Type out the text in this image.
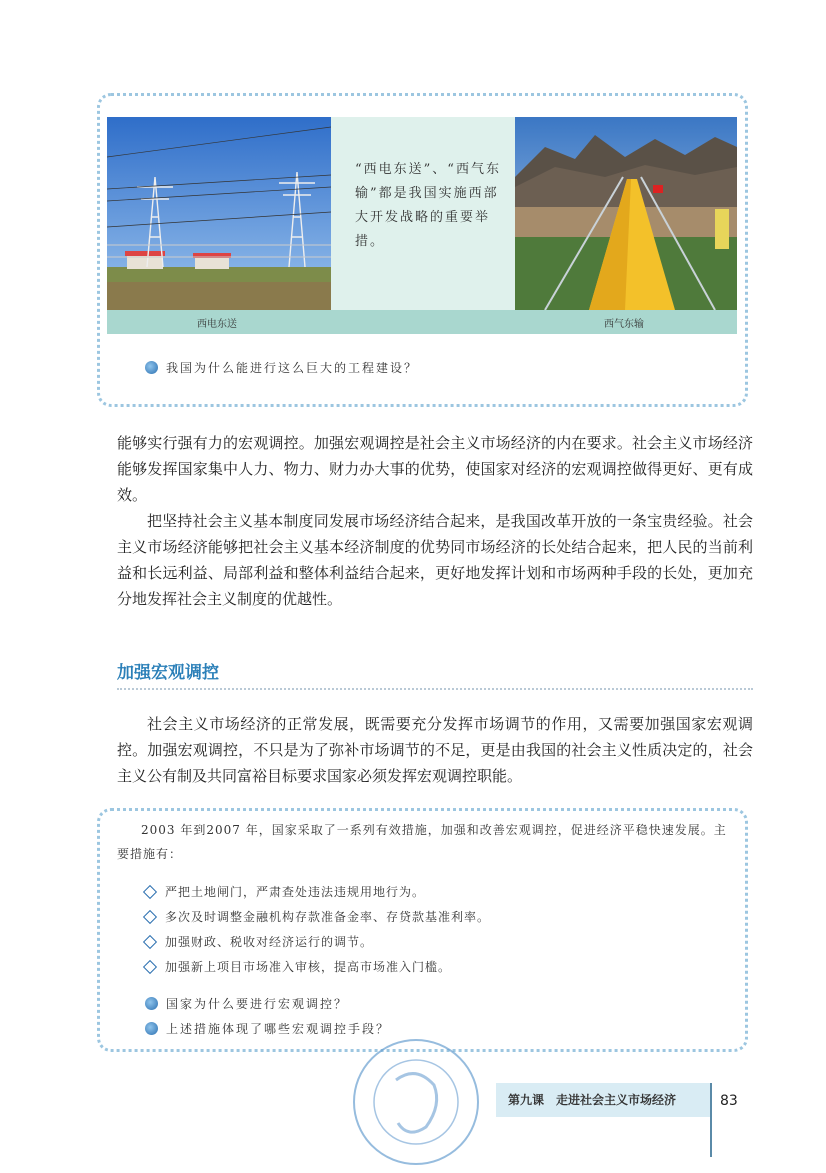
“西电东送”、“西气东输”都是我国实施西部大开发战略的重要举措。
西电东送	西气东输
我国为什么能进行这么巨大的工程建设？

能够实行强有力的宏观调控。加强宏观调控是社会主义市场经济的内在要求。社会主义市场经济能够发挥国家集中人力、物力、财力办大事的优势，使国家对经济的宏观调控做得更好、更有成效。

把坚持社会主义基本制度同发展市场经济结合起来，是我国改革开放的一条宝贵经验。社会主义市场经济能够把社会主义基本经济制度的优势同市场经济的长处结合起来，把人民的当前利益和长远利益、局部利益和整体利益结合起来，更好地发挥计划和市场两种手段的长处，更加充分地发挥社会主义制度的优越性。

加强宏观调控

社会主义市场经济的正常发展，既需要充分发挥市场调节的作用，又需要加强国家宏观调控。加强宏观调控，不只是为了弥补市场调节的不足，更是由我国的社会主义性质决定的，社会主义公有制及共同富裕目标要求国家必须发挥宏观调控职能。

2003 年到2007 年，国家采取了一系列有效措施，加强和改善宏观调控，促进经济平稳快速发展。主要措施有：

严把土地闸门，严肃查处违法违规用地行为。
多次及时调整金融机构存款准备金率、存贷款基准利率。
加强财政、税收对经济运行的调节。
加强新上项目市场准入审核，提高市场准入门槛。
国家为什么要进行宏观调控？
上述措施体现了哪些宏观调控手段？
第九课　走进社会主义市场经济	83
